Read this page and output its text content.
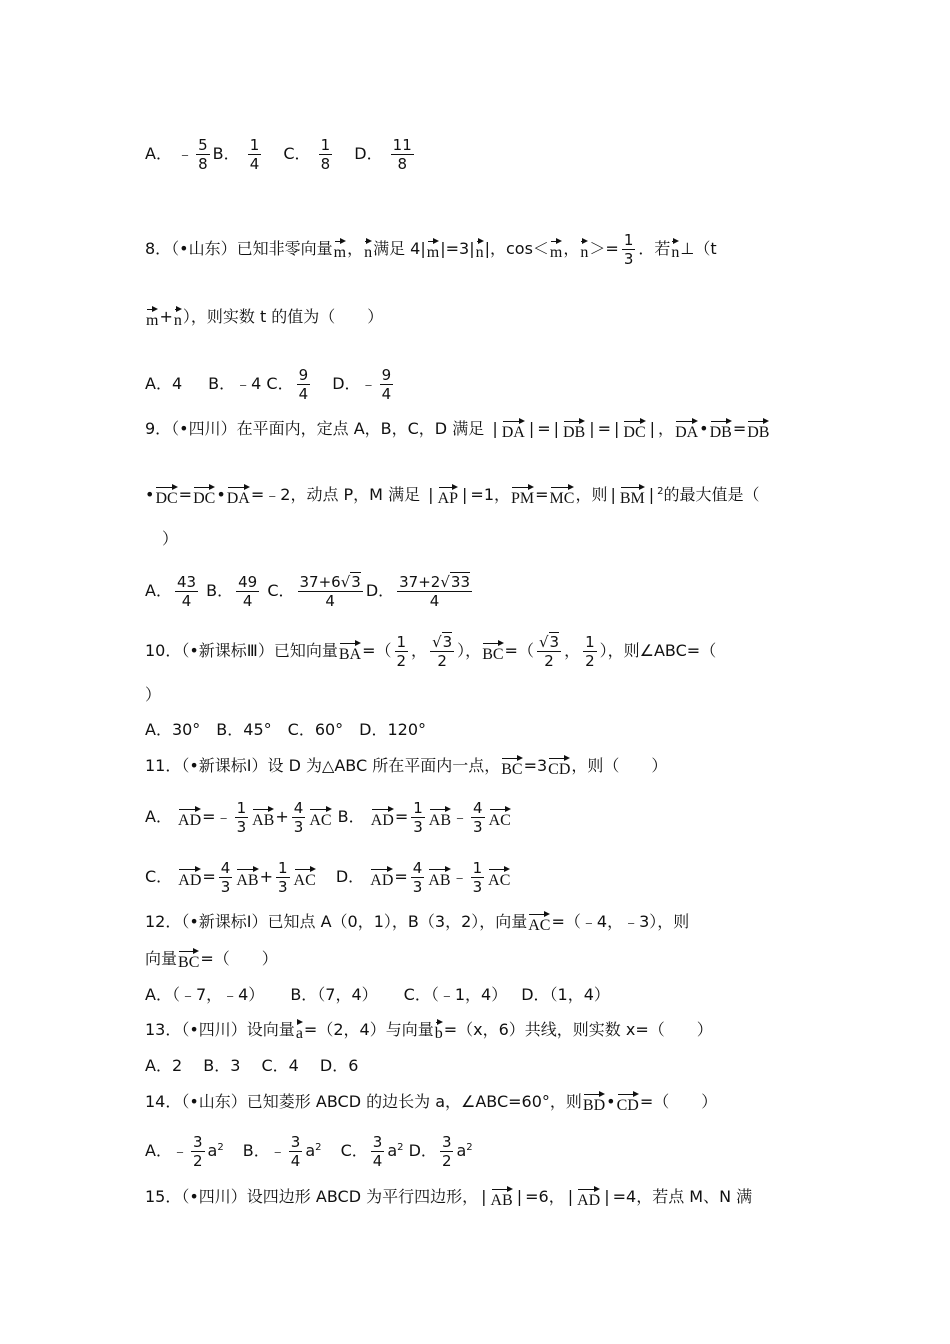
A． ﹣ $\frac{5}{8}$ B． $\frac{1}{4}$ C． $\frac{1}{8}$ D． $\frac{11}{8}$
8．（•山东）已知非零向量m，n满足 4|m|=3|n|，cos＜m，$n>= \frac{1}{3}$ ．若n⊥（t
m+n），则实数 t 的值为（　　）
A．4 B．﹣4 C． $\frac{9}{4}$ D．﹣ $\frac{9}{4}$
9．（•四川）在平面内，定点 A，B，C，D 满足 | DA | = | DB | = | DC | ，DA•DB=DB
•DC=DC•DA=﹣2，动点 P，M 满足 | AP | =1，PM=MC，则 | BM | $^2$的最大值是（
）
A． $\frac{43}{4}$ B． $\frac{49}{4}$ C． $\frac{37+6√3}{4}$ D． $\frac{37+2√33}{4}$
10．（•新课标Ⅲ）已知向量$BA=( \frac{1}{2}$ ， $\frac{√3}{2}$ ），$BC=( \frac{√3}{2}$ ， $\frac{1}{2}$ ），则∠ABC=（
）
A．30°　B．45°　C．60°　D．120°
11．（•新课标Ⅰ）设 D 为△ABC 所在平面内一点，BC=3CD，则（　　）
A． AD=﹣ $\frac{1}{3} AB+ \frac{4}{3}$ AC B． $AD= \frac{1}{3}$ AB﹣ $\frac{4}{3}$ AC
C． $AD= \frac{4}{3} AB+ \frac{1}{3}$ AC D． $AD= \frac{4}{3}$ AB﹣ $\frac{1}{3}$ AC
12．（•新课标Ⅰ）已知点 A（0，1），B（3，2），向量AC=（﹣4，﹣3），则
向量BC=（　　）
A．（﹣7，﹣4） B．（7，4） C．（﹣1，4） D．（1，4）
13．（•四川）设向量a=（2，4）与向量b=（x，6）共线，则实数 x=（　　）
A．2　 B．3　 C．4　 D．6
14．（•山东）已知菱形 ABCD 的边长为 a，∠ABC=60°，则BD•CD=（　　）
A．﹣ $\frac{3}{2} a^2$ B．﹣ $\frac{3}{4} a^2$ C． $\frac{3}{4} a^2$ D． $\frac{3}{2} a^2$
15．（•四川）设四边形 ABCD 为平行四边形， | AB | =6， | AD | =4，若点 M、N 满
